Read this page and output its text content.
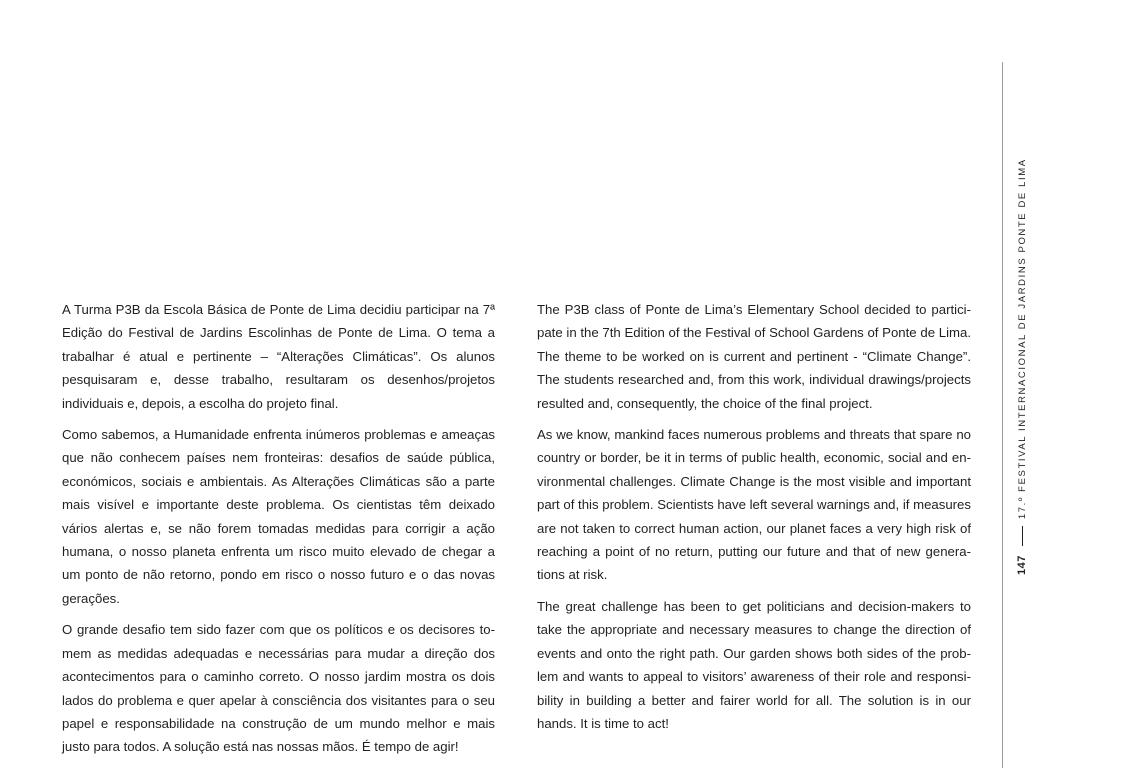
A Turma P3B da Escola Básica de Ponte de Lima decidiu participar na 7ª Edição do Festival de Jardins Escolinhas de Ponte de Lima. O tema a trabalhar é atual e pertinente – “Alterações Climáticas”. Os alunos pesquisaram e, desse trabalho, resultaram os desenhos/projetos individuais e, depois, a escolha do projeto final.

Como sabemos, a Humanidade enfrenta inúmeros problemas e ameaças que não conhecem países nem fronteiras: desafios de saúde pública, económicos, sociais e ambientais. As Alterações Climáticas são a parte mais visível e importante deste problema. Os cientistas têm deixado vários alertas e, se não forem tomadas medidas para corrigir a ação humana, o nosso planeta enfrenta um risco muito elevado de chegar a um ponto de não retorno, pondo em risco o nosso futuro e o das novas gerações.

O grande desafio tem sido fazer com que os políticos e os decisores tomem as medidas adequadas e necessárias para mudar a direção dos acontecimentos para o caminho correto. O nosso jardim mostra os dois lados do problema e quer apelar à consciência dos visitantes para o seu papel e responsabilidade na construção de um mundo melhor e mais justo para todos. A solução está nas nossas mãos. É tempo de agir!

The P3B class of Ponte de Lima’s Elementary School decided to participate in the 7th Edition of the Festival of School Gardens of Ponte de Lima. The theme to be worked on is current and pertinent - “Climate Change”. The students researched and, from this work, individual drawings/projects resulted and, consequently, the choice of the final project.

As we know, mankind faces numerous problems and threats that spare no country or border, be it in terms of public health, economic, social and environmental challenges. Climate Change is the most visible and important part of this problem. Scientists have left several warnings and, if measures are not taken to correct human action, our planet faces a very high risk of reaching a point of no return, putting our future and that of new generations at risk.

The great challenge has been to get politicians and decision-makers to take the appropriate and necessary measures to change the direction of events and onto the right path. Our garden shows both sides of the problem and wants to appeal to visitors’ awareness of their role and responsibility in building a better and fairer world for all. The solution is in our hands. It is time to act!

147
17.º FESTIVAL INTERNACIONAL DE JARDINS PONTE DE LIMA
